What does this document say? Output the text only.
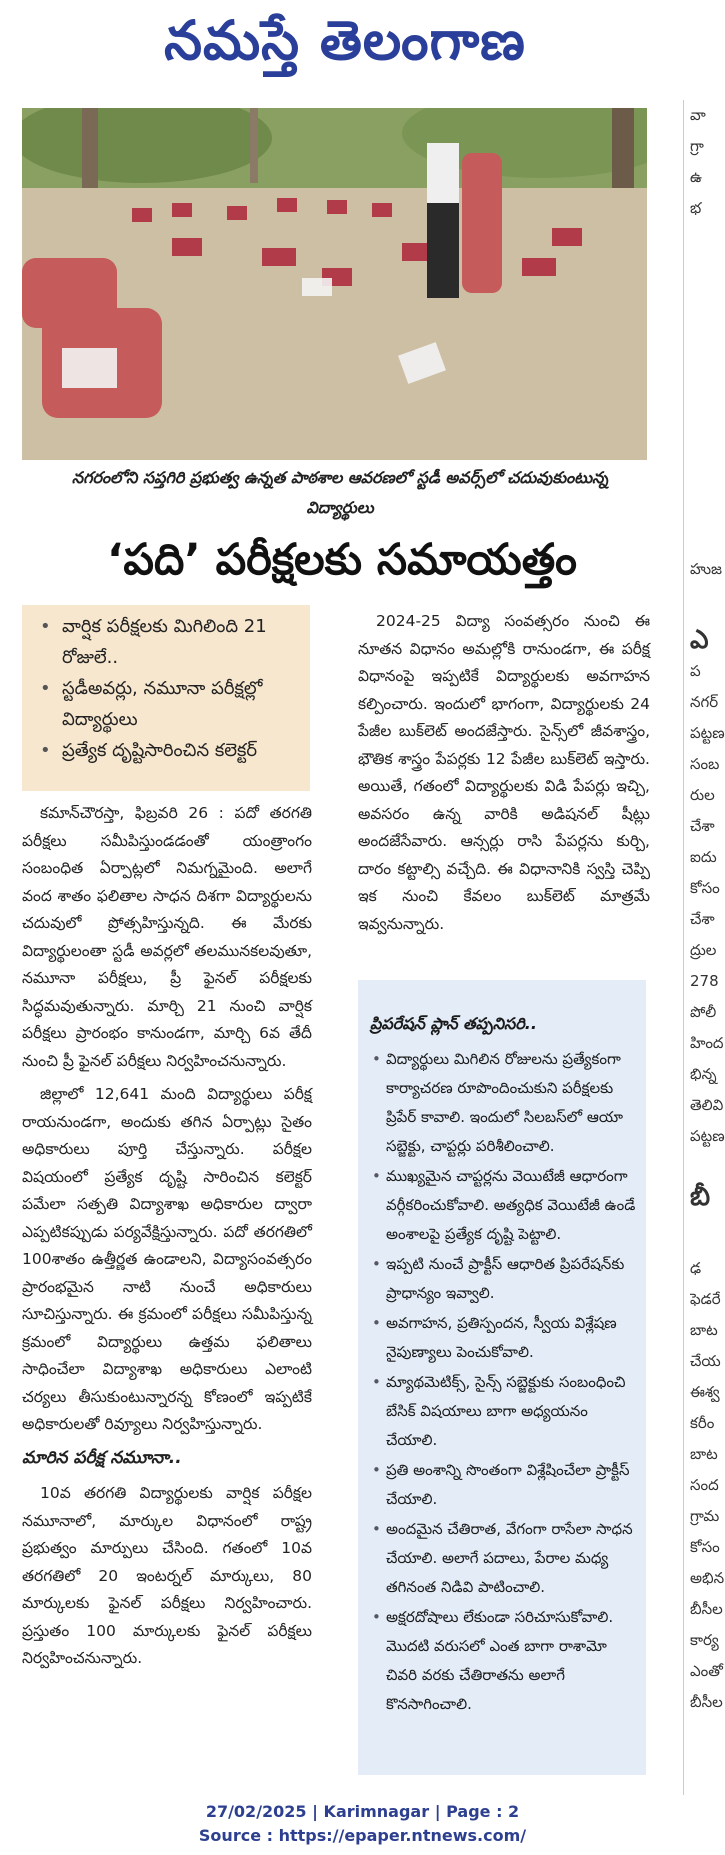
నమస్తే తెలంగాణ
నగరంలోని సప్తగిరి ప్రభుత్వ ఉన్నత పాఠశాల ఆవరణలో స్టడీ అవర్స్‌లో చదువుకుంటున్న విద్యార్థులు
‘పది’ పరీక్షలకు సమాయత్తం
• వార్షిక పరీక్షలకు మిగిలింది 21 రోజులే..
• స్టడీఅవర్లు, నమూనా పరీక్షల్లో విద్యార్థులు
• ప్రత్యేక దృష్టిసారించిన కలెక్టర్

కమాన్‌చౌరస్తా, ఫిబ్రవరి 26 : పదో తరగతి పరీక్షలు సమీపిస్తుండడంతో యంత్రాంగం సంబంధిత ఏర్పాట్లలో నిమగ్నమైంది. అలాగే వంద శాతం ఫలితాల సాధన దిశగా విద్యార్థులను చదువులో ప్రోత్సహిస్తున్నది. ఈ మేరకు విద్యార్థులంతా స్టడీ అవర్లలో తలమునకలవుతూ, నమూనా పరీక్షలు, ప్రీ ఫైనల్ పరీక్షలకు సిద్ధమవుతున్నారు. మార్చి 21 నుంచి వార్షిక పరీక్షలు ప్రారంభం కానుండగా, మార్చి 6వ తేదీ నుంచి ప్రీ ఫైనల్ పరీక్షలు నిర్వహించనున్నారు.

జిల్లాలో 12,641 మంది విద్యార్థులు పరీక్ష రాయనుండగా, అందుకు తగిన ఏర్పాట్లు సైతం అధికారులు పూర్తి చేస్తున్నారు. పరీక్షల విషయంలో ప్రత్యేక దృష్టి సారించిన కలెక్టర్ పమేలా సత్పతి విద్యాశాఖ అధికారుల ద్వారా ఎప్పటికప్పుడు పర్యవేక్షిస్తున్నారు. పదో తరగతిలో 100శాతం ఉత్తీర్ణత ఉండాలని, విద్యాసంవత్సరం ప్రారంభమైన నాటి నుంచే అధికారులు సూచిస్తున్నారు. ఈ క్రమంలో పరీక్షలు సమీపిస్తున్న క్రమంలో విద్యార్థులు ఉత్తమ ఫలితాలు సాధించేలా విద్యాశాఖ అధికారులు ఎలాంటి చర్యలు తీసుకుంటున్నారన్న కోణంలో ఇప్పటికే అధికారులతో రివ్యూలు నిర్వహిస్తున్నారు.

మారిన పరీక్ష నమూనా..

10వ తరగతి విద్యార్థులకు వార్షిక పరీక్షల నమూనాలో, మార్కుల విధానంలో రాష్ట్ర ప్రభుత్వం మార్పులు చేసింది. గతంలో 10వ తరగతిలో 20 ఇంటర్నల్ మార్కులు, 80 మార్కులకు ఫైనల్ పరీక్షలు నిర్వహించారు. ప్రస్తుతం 100 మార్కులకు ఫైనల్ పరీక్షలు నిర్వహించనున్నారు.

2024-25 విద్యా సంవత్సరం నుంచి ఈ నూతన విధానం అమల్లోకి రానుండగా, ఈ పరీక్ష విధానంపై ఇప్పటికే విద్యార్థులకు అవగాహన కల్పించారు. ఇందులో భాగంగా, విద్యార్థులకు 24 పేజీల బుక్‌లెట్ అందజేస్తారు. సైన్స్‌లో జీవశాస్త్రం, భౌతిక శాస్త్రం పేపర్లకు 12 పేజీల బుక్‌లెట్ ఇస్తారు. అయితే, గతంలో విద్యార్థులకు విడి పేపర్లు ఇచ్చి, అవసరం ఉన్న వారికి అడిషనల్ షీట్లు అందజేసేవారు. ఆన్సర్లు రాసి పేపర్లను కుర్చి, దారం కట్టాల్సి వచ్చేది. ఈ విధానానికి స్వస్తి చెప్పి ఇక నుంచి కేవలం బుక్‌లెట్ మాత్రమే ఇవ్వనున్నారు.

ప్రిపరేషన్ ప్లాన్ తప్పనిసరి..
• విద్యార్థులు మిగిలిన రోజులను ప్రత్యేకంగా కార్యాచరణ రూపొందించుకుని పరీక్షలకు ప్రిపేర్ కావాలి. ఇందులో సిలబస్‌లో ఆయా సబ్జెక్టు, చాప్టర్లు పరిశీలించాలి.
• ముఖ్యమైన చాప్టర్లను వెయిటేజీ ఆధారంగా వర్గీకరించుకోవాలి. అత్యధిక వెయిటేజీ ఉండే అంశాలపై ప్రత్యేక దృష్టి పెట్టాలి.
• ఇప్పటి నుంచే ప్రాక్టీస్ ఆధారిత ప్రిపరేషన్‌కు ప్రాధాన్యం ఇవ్వాలి.
• అవగాహన, ప్రతిస్పందన, స్వీయ విశ్లేషణ నైపుణ్యాలు పెంచుకోవాలి.
• మ్యాథమెటిక్స్, సైన్స్ సబ్జెక్టుకు సంబంధించి బేసిక్ విషయాలు బాగా అధ్యయనం చేయాలి.
• ప్రతి అంశాన్ని సొంతంగా విశ్లేషించేలా ప్రాక్టీస్ చేయాలి.
• అందమైన చేతిరాత, వేగంగా రాసేలా సాధన చేయాలి. అలాగే పదాలు, పేరాల మధ్య తగినంత నిడివి పాటించాలి.
• అక్షరదోషాలు లేకుండా సరిచూసుకోవాలి. మొదటి వరుసలో ఎంత బాగా రాశామో చివరి వరకు చేతిరాతను అలాగే కొనసాగించాలి.
వా
గ్రా
ఉ
భ
హుజ
ఎ
ప
నగర్
పట్టణ
సంబ
రుల
చేశా
ఐదు
కోసం
చేశా
ద్రుల
278
పోలీ
హింద
భిన్న
తెలివి
పట్టణ
బీ
ఢ
ఫెడరే
బాట
చేయ
ఈశ్వ
కరీం
బాట
సంద
గ్రామ
కోసం
అభిన
బీసీల
కార్య
ఎంతో
బీసీల
27/02/2025 | Karimnagar | Page : 2
Source : https://epaper.ntnews.com/
